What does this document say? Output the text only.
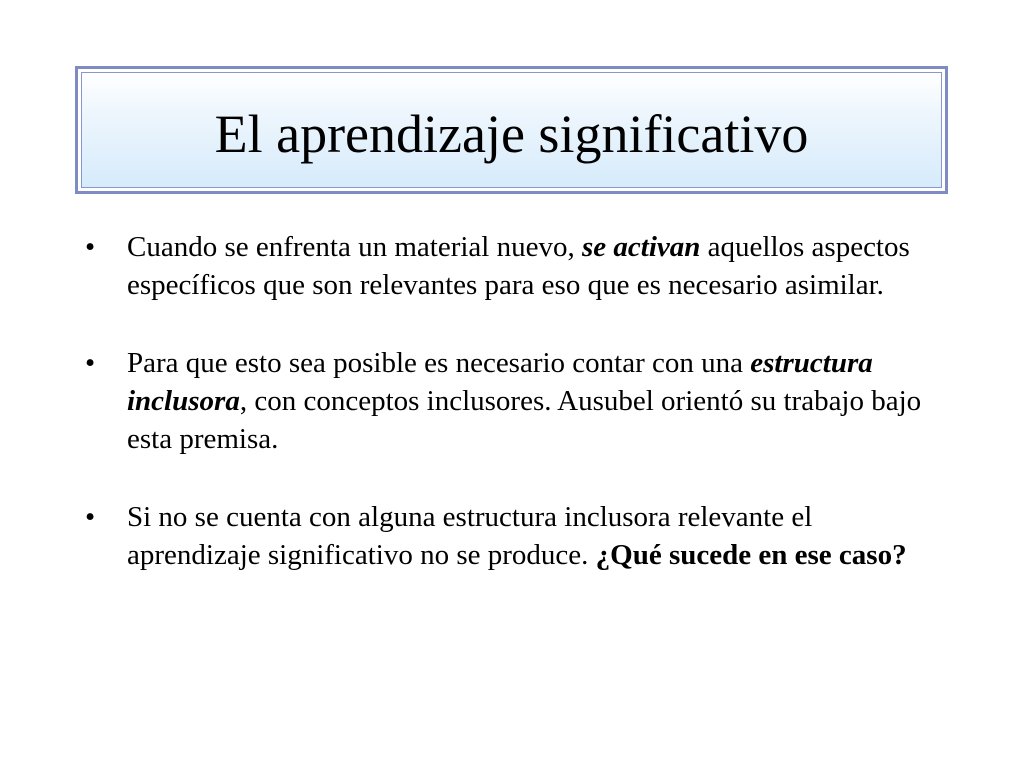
El aprendizaje significativo
• Cuando se enfrenta un material nuevo, se activan aquellos aspectos específicos que son relevantes para eso que es necesario asimilar.
• Para que esto sea posible es necesario contar con una estructura inclusora, con conceptos inclusores. Ausubel orientó su trabajo bajo esta premisa.
• Si no se cuenta con alguna estructura inclusora relevante el aprendizaje significativo no se produce. ¿Qué sucede en ese caso?
